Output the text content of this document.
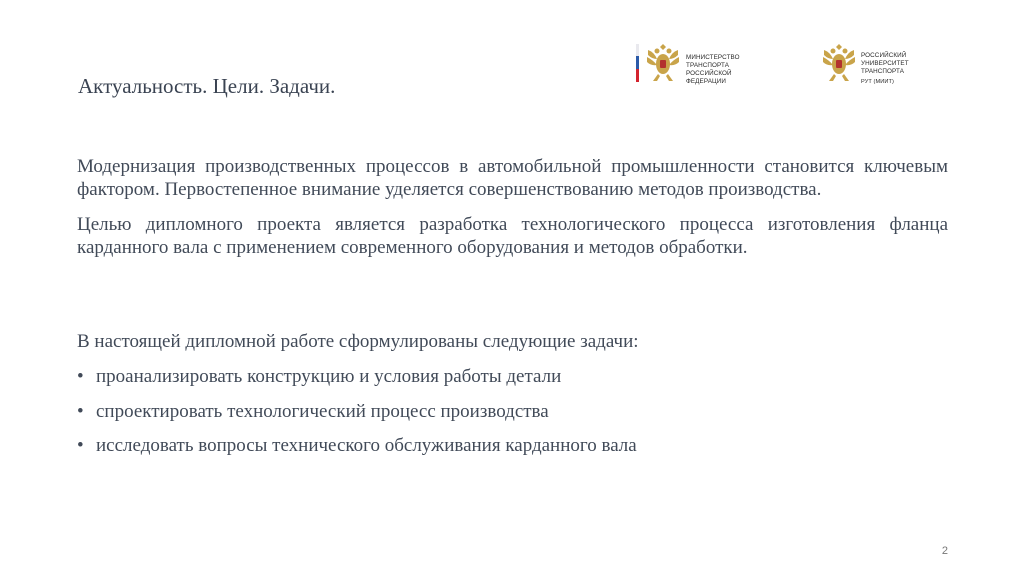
Актуальность. Цели. Задачи.
МИНИСТЕРСТВО ТРАНСПОРТА
РОССИЙСКОЙ ФЕДЕРАЦИИ
РОССИЙСКИЙ УНИВЕРСИТЕТ
ТРАНСПОРТА
РУТ (МИИТ)

Модернизация производственных процессов в автомобильной промышленности становится ключевым фактором. Первостепенное внимание уделяется совершенствованию методов производства.

Целью дипломного проекта является разработка технологического процесса изготовления фланца карданного вала с применением современного оборудования и методов обработки.

В настоящей дипломной работе сформулированы следующие задачи:
• проанализировать конструкцию и условия работы детали
• спроектировать технологический процесс производства
• исследовать вопросы технического обслуживания карданного вала
2
